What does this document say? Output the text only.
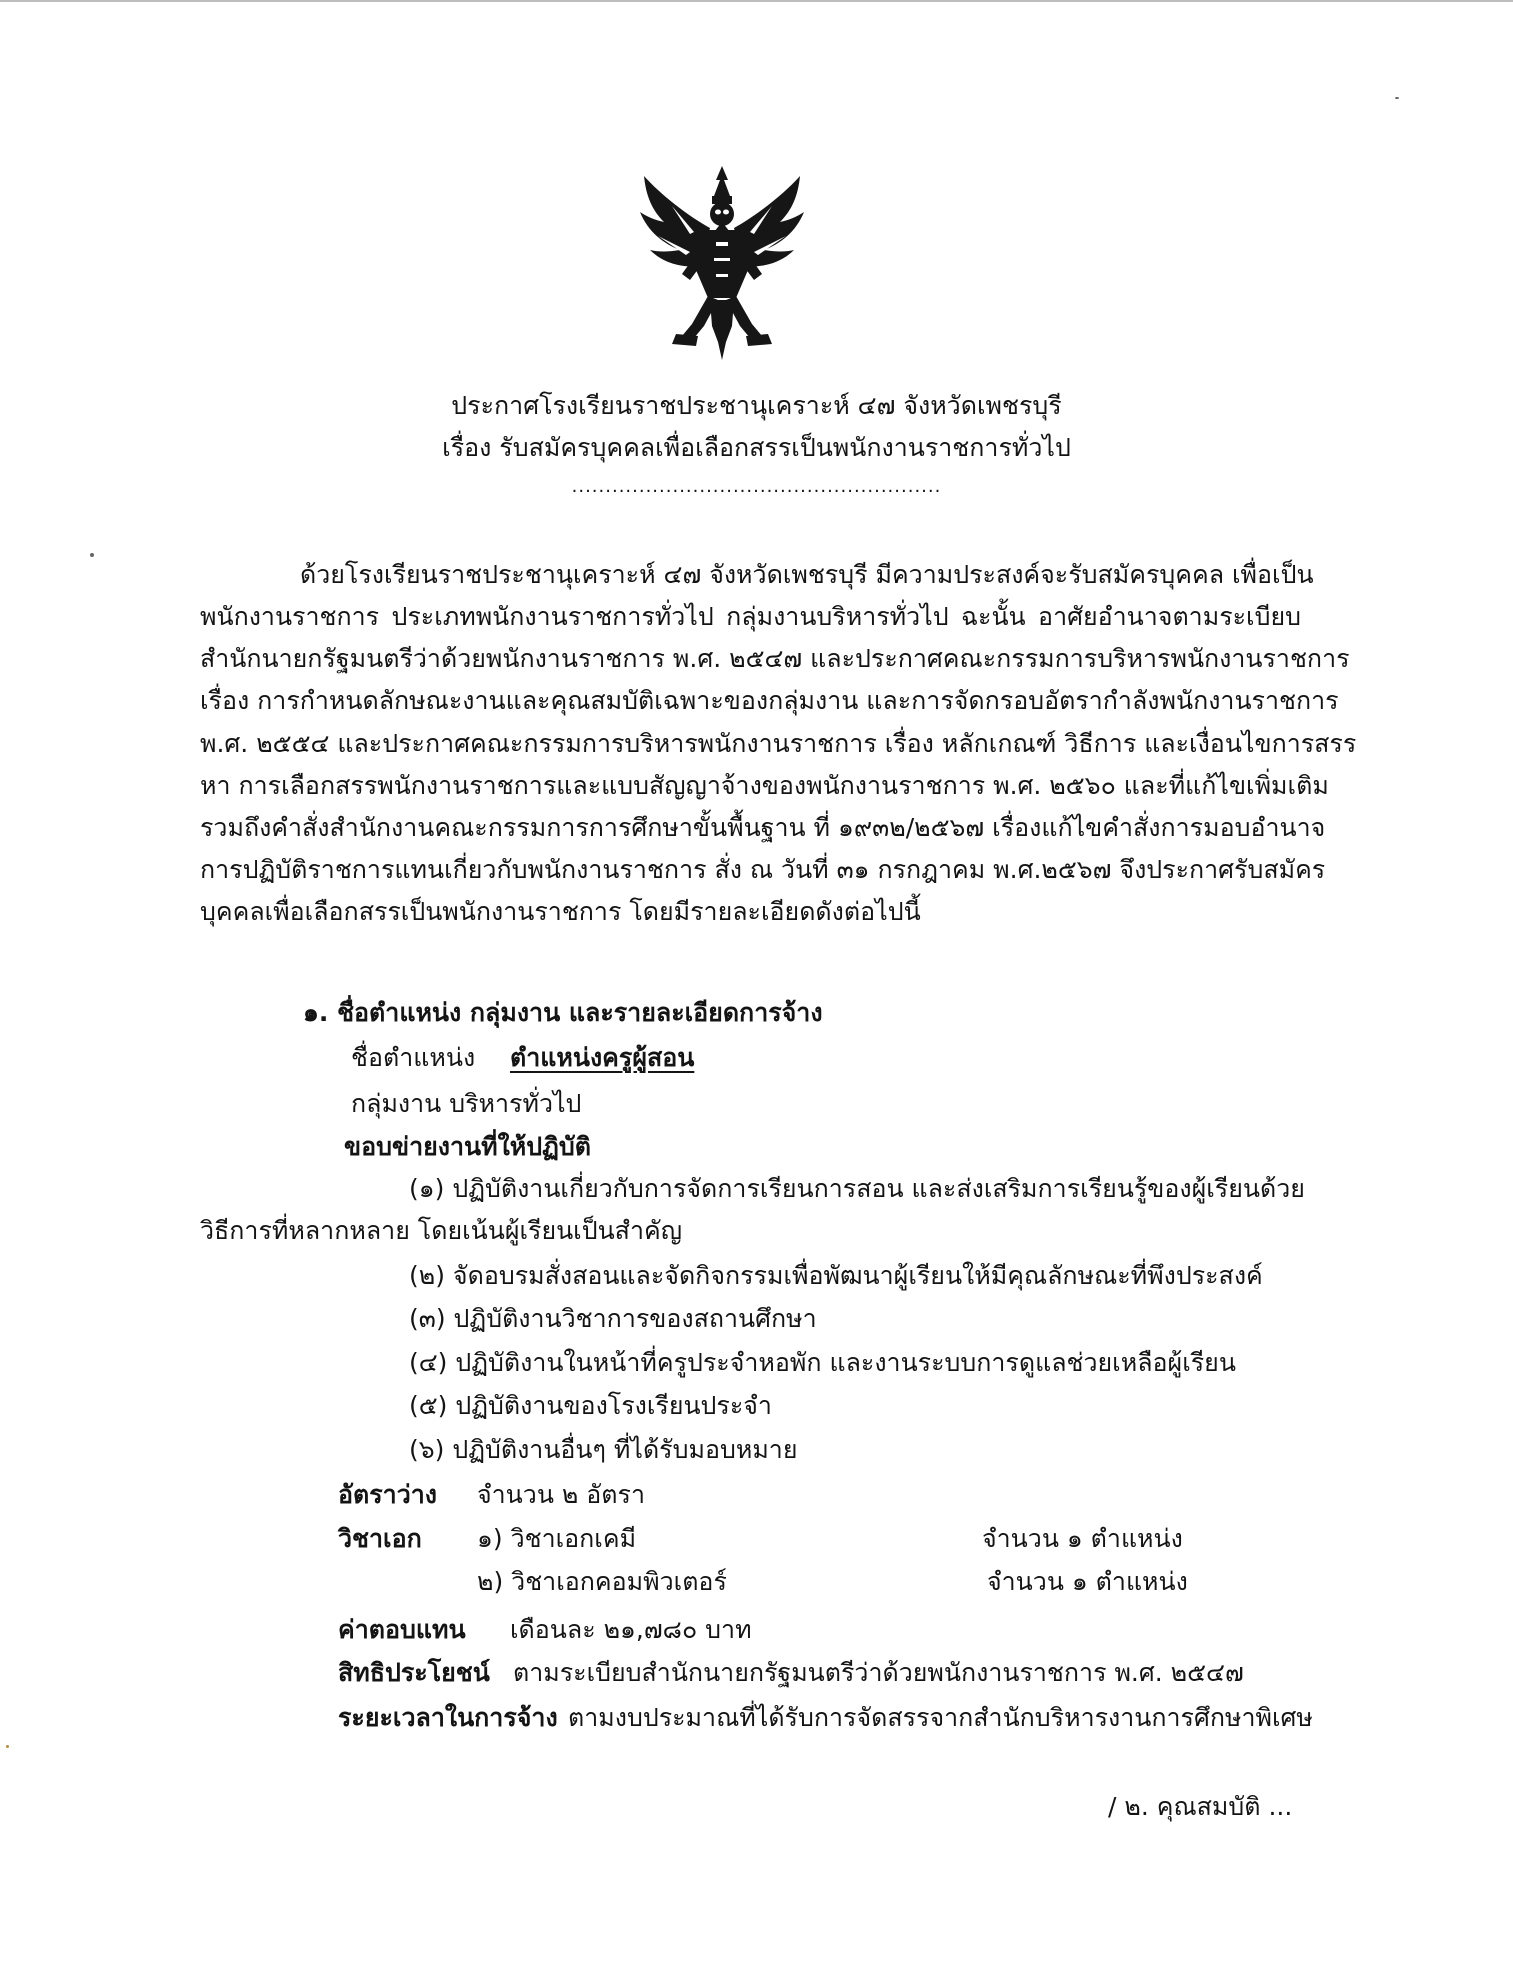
ประกาศโรงเรียนราชประชานุเคราะห์ ๔๗ จังหวัดเพชรบุรี
เรื่อง รับสมัครบุคคลเพื่อเลือกสรรเป็นพนักงานราชการทั่วไป
.......................................................
ด้วยโรงเรียนราชประชานุเคราะห์ ๔๗ จังหวัดเพชรบุรี มีความประสงค์จะรับสมัครบุคคล เพื่อเป็น
พนักงานราชการ ประเภทพนักงานราชการทั่วไป กลุ่มงานบริหารทั่วไป ฉะนั้น อาศัยอำนาจตามระเบียบ
สำนักนายกรัฐมนตรีว่าด้วยพนักงานราชการ พ.ศ. ๒๕๔๗ และประกาศคณะกรรมการบริหารพนักงานราชการ
เรื่อง การกำหนดลักษณะงานและคุณสมบัติเฉพาะของกลุ่มงาน และการจัดกรอบอัตรากำลังพนักงานราชการ
พ.ศ. ๒๕๕๔ และประกาศคณะกรรมการบริหารพนักงานราชการ เรื่อง หลักเกณฑ์ วิธีการ และเงื่อนไขการสรร
หา การเลือกสรรพนักงานราชการและแบบสัญญาจ้างของพนักงานราชการ พ.ศ. ๒๕๖๐ และที่แก้ไขเพิ่มเติม
รวมถึงคำสั่งสำนักงานคณะกรรมการการศึกษาขั้นพื้นฐาน ที่ ๑๙๓๒/๒๕๖๗ เรื่องแก้ไขคำสั่งการมอบอำนาจ
การปฏิบัติราชการแทนเกี่ยวกับพนักงานราชการ สั่ง ณ วันที่ ๓๑ กรกฎาคม พ.ศ.๒๕๖๗ จึงประกาศรับสมัคร
บุคคลเพื่อเลือกสรรเป็นพนักงานราชการ โดยมีรายละเอียดดังต่อไปนี้
๑. ชื่อตำแหน่ง กลุ่มงาน และรายละเอียดการจ้าง
ชื่อตำแหน่ง ตำแหน่งครูผู้สอน
กลุ่มงาน บริหารทั่วไป
ขอบข่ายงานที่ให้ปฏิบัติ
(๑) ปฏิบัติงานเกี่ยวกับการจัดการเรียนการสอน และส่งเสริมการเรียนรู้ของผู้เรียนด้วย
วิธีการที่หลากหลาย โดยเน้นผู้เรียนเป็นสำคัญ
(๒) จัดอบรมสั่งสอนและจัดกิจกรรมเพื่อพัฒนาผู้เรียนให้มีคุณลักษณะที่พึงประสงค์
(๓) ปฏิบัติงานวิชาการของสถานศึกษา
(๔) ปฏิบัติงานในหน้าที่ครูประจำหอพัก และงานระบบการดูแลช่วยเหลือผู้เรียน
(๕) ปฏิบัติงานของโรงเรียนประจำ
(๖) ปฏิบัติงานอื่นๆ ที่ได้รับมอบหมาย
อัตราว่าง จำนวน ๒ อัตรา
วิชาเอก ๑) วิชาเอกเคมี	จำนวน ๑ ตำแหน่ง
๒) วิชาเอกคอมพิวเตอร์	จำนวน ๑ ตำแหน่ง
ค่าตอบแทน เดือนละ ๒๑,๗๘๐ บาท
สิทธิประโยชน์ ตามระเบียบสำนักนายกรัฐมนตรีว่าด้วยพนักงานราชการ พ.ศ. ๒๕๔๗
ระยะเวลาในการจ้าง ตามงบประมาณที่ได้รับการจัดสรรจากสำนักบริหารงานการศึกษาพิเศษ
/ ๒. คุณสมบัติ ...
